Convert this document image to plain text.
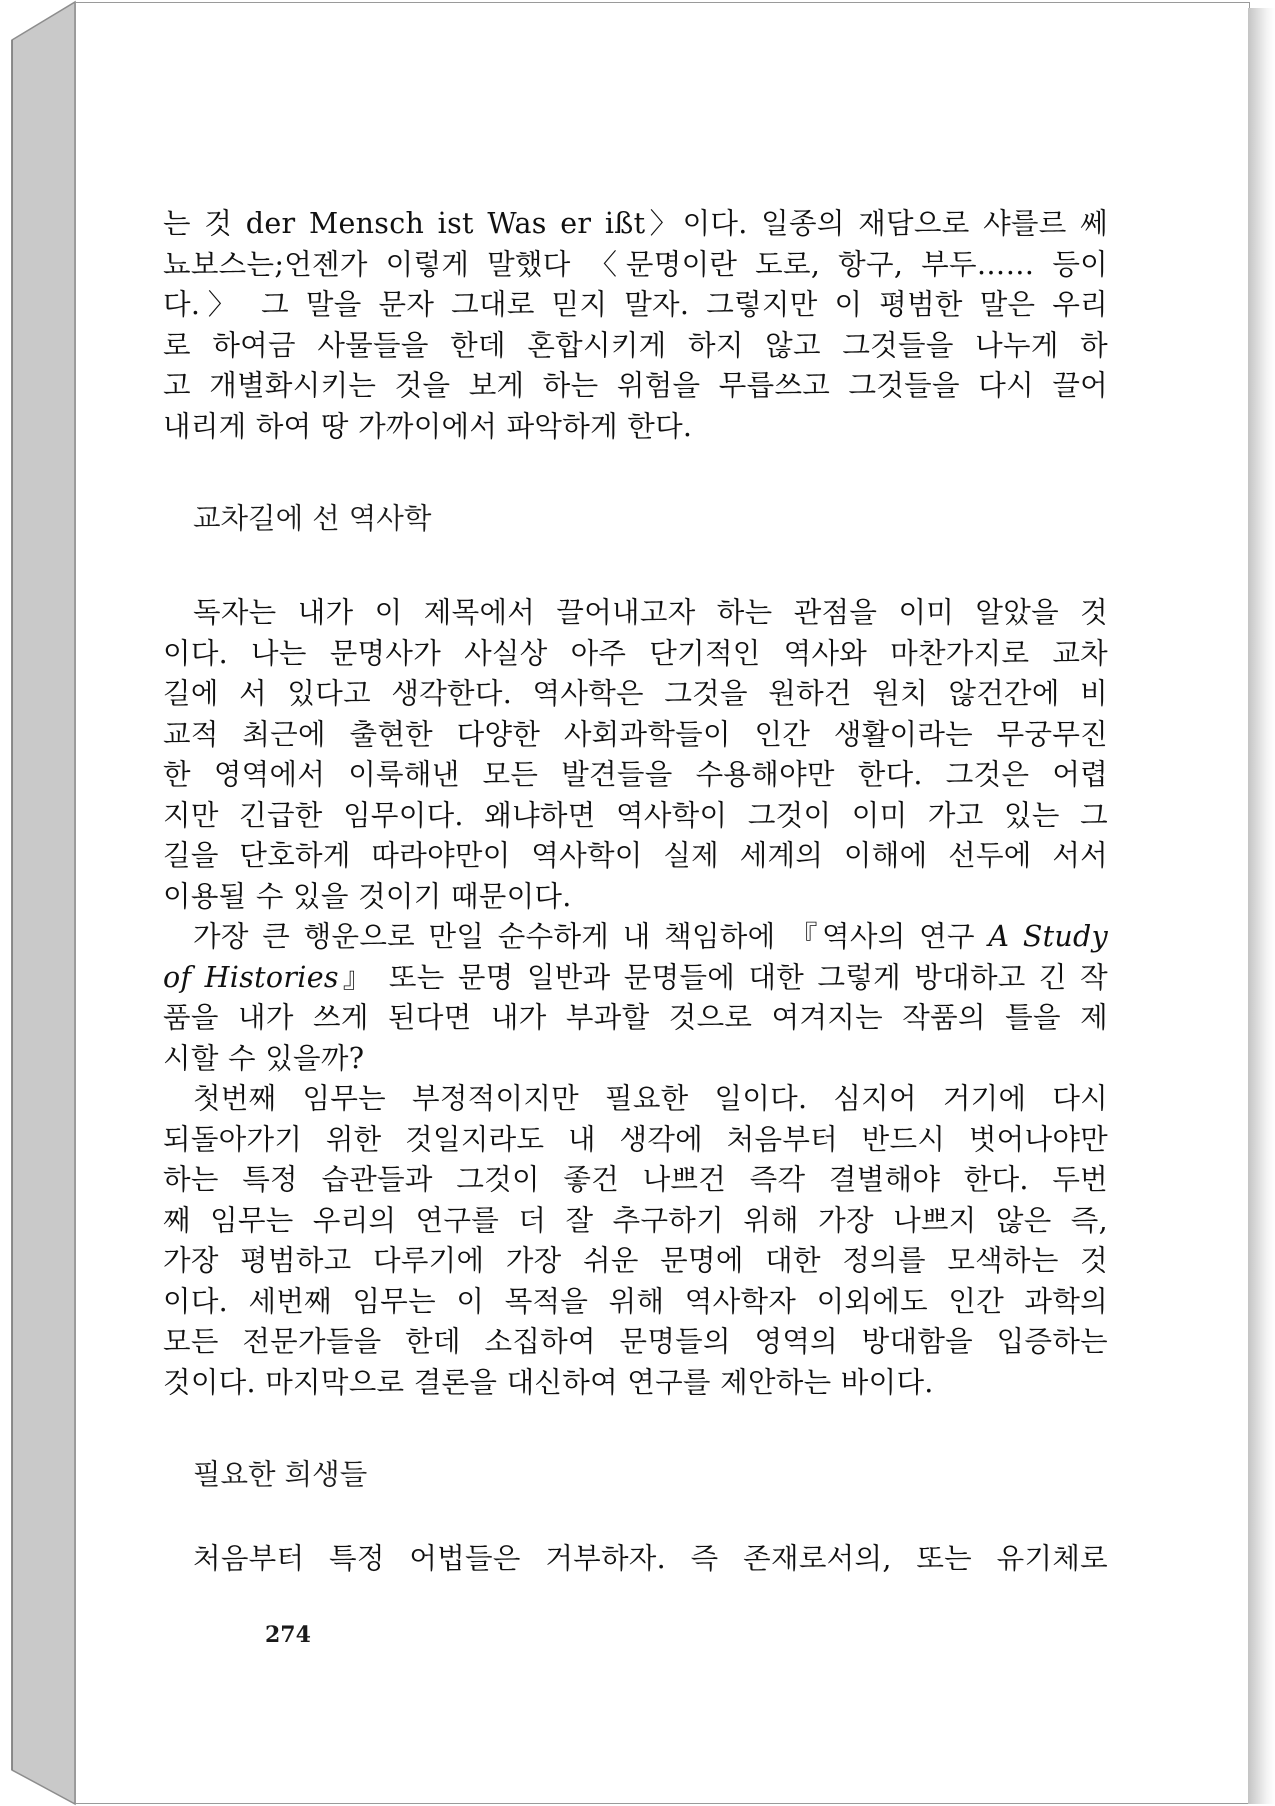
는 것 der Mensch ist Was er ißt〉이다. 일종의 재담으로 샤를르 쎄
뇨보스는;언젠가 이렇게 말했다 〈문명이란 도로, 항구, 부두…… 등이
다.〉 그 말을 문자 그대로 믿지 말자. 그렇지만 이 평범한 말은 우리
로 하여금 사물들을 한데 혼합시키게 하지 않고 그것들을 나누게 하
고 개별화시키는 것을 보게 하는 위험을 무릅쓰고 그것들을 다시 끌어
내리게 하여 땅 가까이에서 파악하게 한다.
교차길에 선 역사학
독자는 내가 이 제목에서 끌어내고자 하는 관점을 이미 알았을 것
이다. 나는 문명사가 사실상 아주 단기적인 역사와 마찬가지로 교차
길에 서 있다고 생각한다. 역사학은 그것을 원하건 원치 않건간에 비
교적 최근에 출현한 다양한 사회과학들이 인간 생활이라는 무궁무진
한 영역에서 이룩해낸 모든 발견들을 수용해야만 한다. 그것은 어렵
지만 긴급한 임무이다. 왜냐하면 역사학이 그것이 이미 가고 있는 그
길을 단호하게 따라야만이 역사학이 실제 세계의 이해에 선두에 서서
이용될 수 있을 것이기 때문이다.
가장 큰 행운으로 만일 순수하게 내 책임하에 『역사의 연구 A Study
of Histories』 또는 문명 일반과 문명들에 대한 그렇게 방대하고 긴 작
품을 내가 쓰게 된다면 내가 부과할 것으로 여겨지는 작품의 틀을 제
시할 수 있을까?
첫번째 임무는 부정적이지만 필요한 일이다. 심지어 거기에 다시
되돌아가기 위한 것일지라도 내 생각에 처음부터 반드시 벗어나야만
하는 특정 습관들과 그것이 좋건 나쁘건 즉각 결별해야 한다. 두번
째 임무는 우리의 연구를 더 잘 추구하기 위해 가장 나쁘지 않은 즉,
가장 평범하고 다루기에 가장 쉬운 문명에 대한 정의를 모색하는 것
이다. 세번째 임무는 이 목적을 위해 역사학자 이외에도 인간 과학의
모든 전문가들을 한데 소집하여 문명들의 영역의 방대함을 입증하는
것이다. 마지막으로 결론을 대신하여 연구를 제안하는 바이다.
필요한 희생들
처음부터 특정 어법들은 거부하자. 즉 존재로서의, 또는 유기체로
274
